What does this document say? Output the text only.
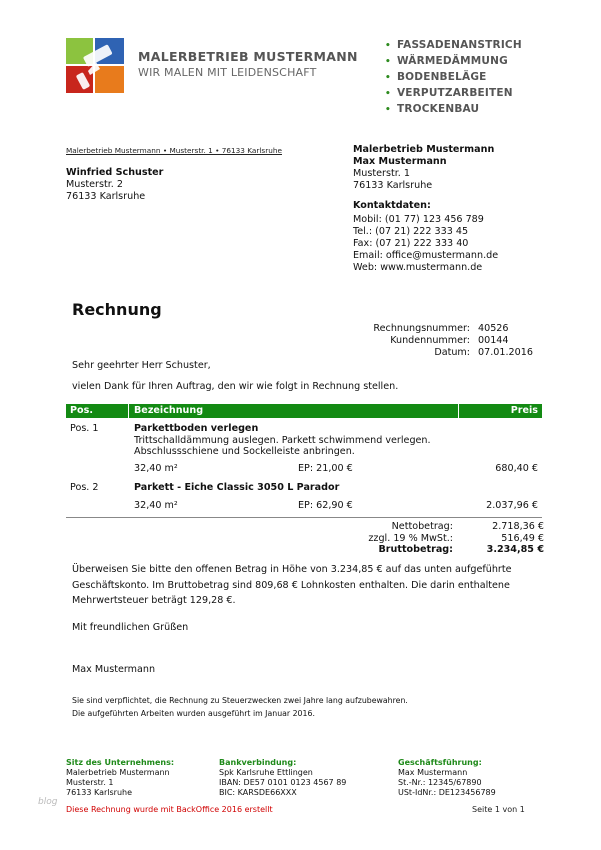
MALERBETRIEB MUSTERMANN
WIR MALEN MIT LEIDENSCHAFT
• FASSADENANSTRICH
• WÄRMEDÄMMUNG
• BODENBELÄGE
• VERPUTZARBEITEN
• TROCKENBAU
Malerbetrieb Mustermann • Musterstr. 1 • 76133 Karlsruhe
Winfried Schuster
Musterstr. 2
76133 Karlsruhe
Malerbetrieb Mustermann
Max Mustermann
Musterstr. 1
76133 Karlsruhe
Kontaktdaten:
Mobil: (01 77) 123 456 789
Tel.: (07 21) 222 333 45
Fax: (07 21) 222 333 40
Email: office@mustermann.de
Web: www.mustermann.de
Rechnung
Rechnungsnummer:	40526
Kundennummer:	00144
Datum:	07.01.2016
Sehr geehrter Herr Schuster,
vielen Dank für Ihren Auftrag, den wir wie folgt in Rechnung stellen.
Pos.	Bezeichnung	Preis
Pos. 1	Parkettboden verlegen
Trittschalldämmung auslegen. Parkett schwimmend verlegen.
Abschlussschiene und Sockelleiste anbringen.
32,40 m²	EP: 21,00 €	680,40 €
Pos. 2	Parkett - Eiche Classic 3050 L Parador
32,40 m²	EP: 62,90 €	2.037,96 €
Nettobetrag:	2.718,36 €
zzgl. 19 % MwSt.:	516,49 €
Bruttobetrag:	3.234,85 €
Überweisen Sie bitte den offenen Betrag in Höhe von 3.234,85 € auf das unten aufgeführte Geschäftskonto. Im Bruttobetrag sind 809,68 € Lohnkosten enthalten. Die darin enthaltene Mehrwertsteuer beträgt 129,28 €.
Mit freundlichen Grüßen
Max Mustermann
Sie sind verpflichtet, die Rechnung zu Steuerzwecken zwei Jahre lang aufzubewahren.
Die aufgeführten Arbeiten wurden ausgeführt im Januar 2016.
Sitz des Unternehmens:
Malerbetrieb Mustermann
Musterstr. 1
76133 Karlsruhe
Bankverbindung:
Spk Karlsruhe Ettlingen
IBAN: DE57 0101 0123 4567 89
BIC: KARSDE66XXX
Geschäftsführung:
Max Mustermann
St.-Nr.: 12345/67890
USt-IdNr.: DE123456789
blog
Diese Rechnung wurde mit BackOffice 2016 erstellt	Seite 1 von 1
